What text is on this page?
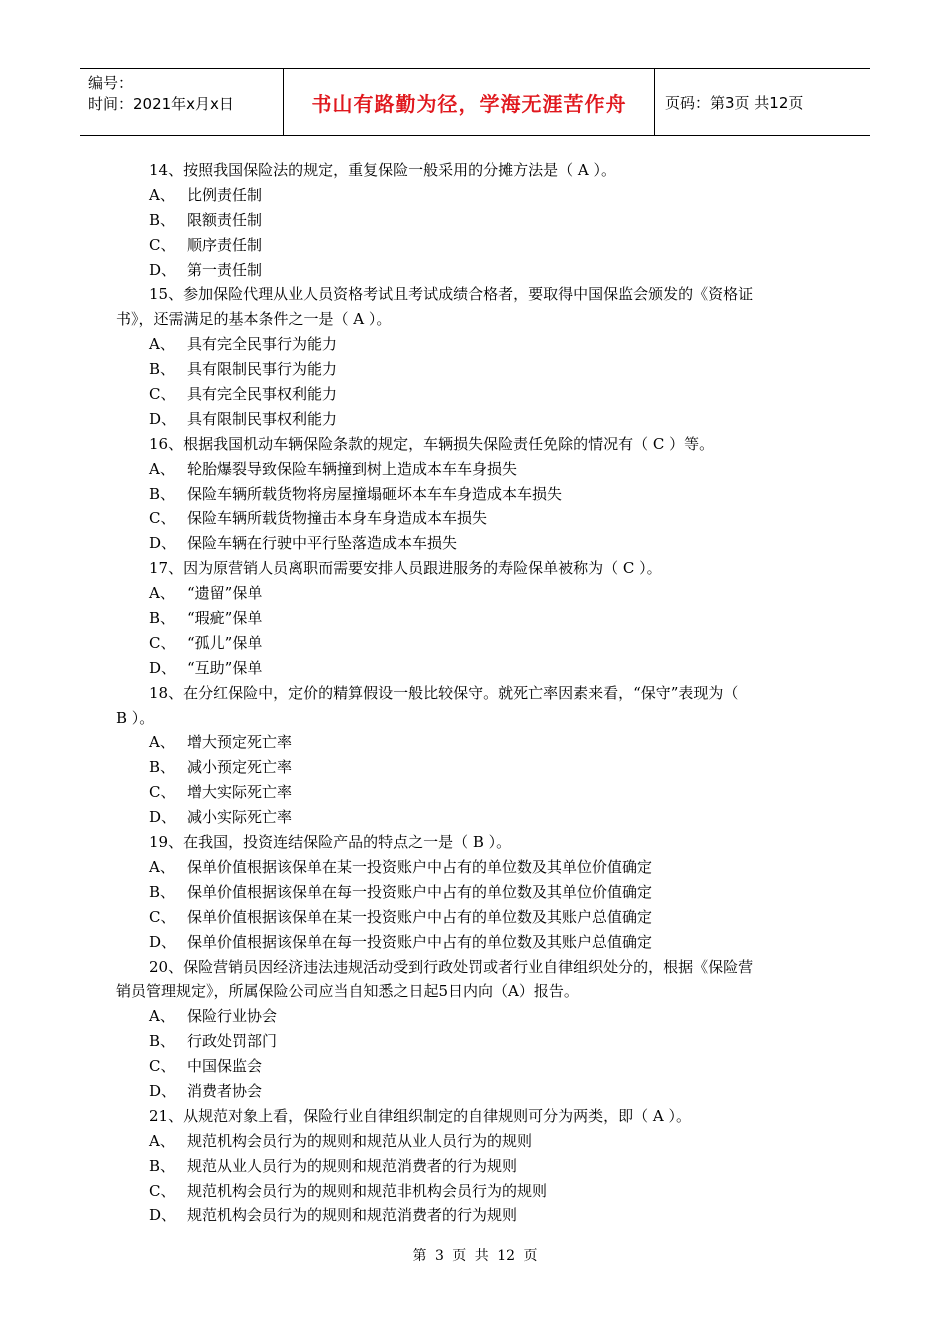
编号：
时间：2021年x月x日	书山有路勤为径，学海无涯苦作舟	页码：第3页 共12页
14、按照我国保险法的规定，重复保险一般采用的分摊方法是（ A ）。
A、 比例责任制
B、 限额责任制
C、 顺序责任制
D、 第一责任制
15、参加保险代理从业人员资格考试且考试成绩合格者，要取得中国保监会颁发的《资格证
书》，还需满足的基本条件之一是（ A ）。
A、 具有完全民事行为能力
B、 具有限制民事行为能力
C、 具有完全民事权利能力
D、 具有限制民事权利能力
16、根据我国机动车辆保险条款的规定，车辆损失保险责任免除的情况有（ C ）等。
A、 轮胎爆裂导致保险车辆撞到树上造成本车车身损失
B、 保险车辆所载货物将房屋撞塌砸坏本车车身造成本车损失
C、 保险车辆所载货物撞击本身车身造成本车损失
D、 保险车辆在行驶中平行坠落造成本车损失
17、因为原营销人员离职而需要安排人员跟进服务的寿险保单被称为（ C ）。
A、 “遗留”保单
B、 “瑕疵”保单
C、 “孤儿”保单
D、 “互助”保单
18、在分红保险中，定价的精算假设一般比较保守。就死亡率因素来看，“保守”表现为（
B ）。
A、 增大预定死亡率
B、 减小预定死亡率
C、 增大实际死亡率
D、 减小实际死亡率
19、在我国，投资连结保险产品的特点之一是（ B ）。
A、 保单价值根据该保单在某一投资账户中占有的单位数及其单位价值确定
B、 保单价值根据该保单在每一投资账户中占有的单位数及其单位价值确定
C、 保单价值根据该保单在某一投资账户中占有的单位数及其账户总值确定
D、 保单价值根据该保单在每一投资账户中占有的单位数及其账户总值确定
20、保险营销员因经济违法违规活动受到行政处罚或者行业自律组织处分的，根据《保险营
销员管理规定》，所属保险公司应当自知悉之日起5日内向（A）报告。
A、 保险行业协会
B、 行政处罚部门
C、 中国保监会
D、 消费者协会
21、从规范对象上看，保险行业自律组织制定的自律规则可分为两类，即（ A ）。
A、 规范机构会员行为的规则和规范从业人员行为的规则
B、 规范从业人员行为的规则和规范消费者的行为规则
C、 规范机构会员行为的规则和规范非机构会员行为的规则
D、 规范机构会员行为的规则和规范消费者的行为规则
第 3 页 共 12 页
